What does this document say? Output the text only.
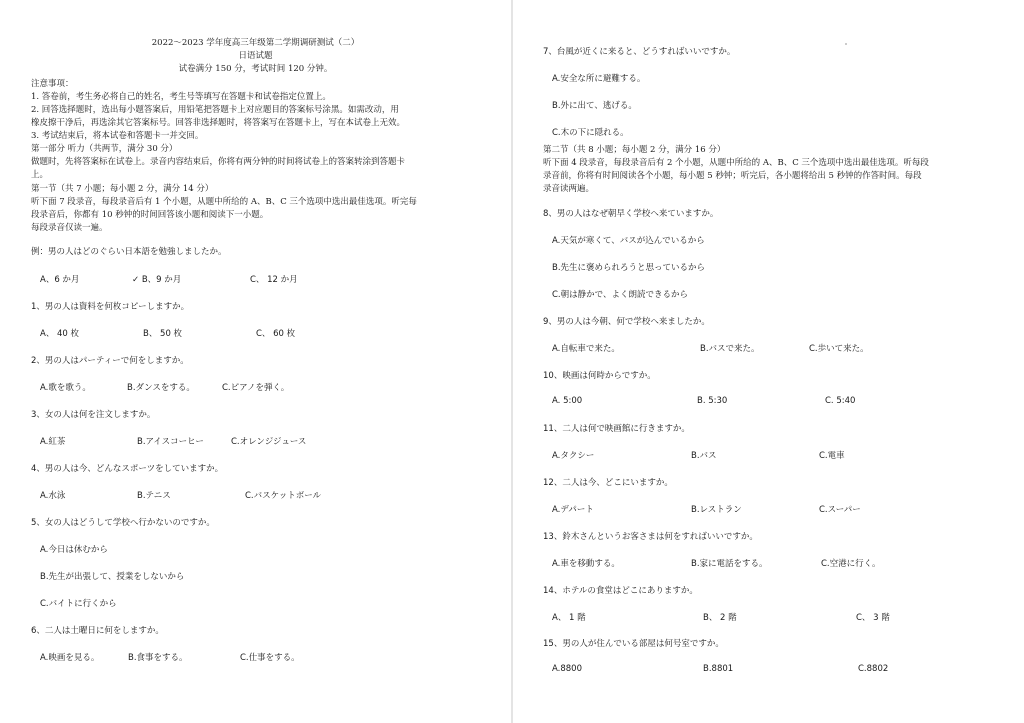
2022～2023 学年度高三年级第二学期调研测试（二）
日语试题
试卷满分 150 分，考试时间 120 分钟。
注意事项：
1. 答卷前，考生务必将自己的姓名，考生号等填写在答题卡和试卷指定位置上。
2. 回答选择题时，选出每小题答案后，用铅笔把答题卡上对应题目的答案标号涂黑。如需改动，用
橡皮擦干净后，再选涂其它答案标号。回答非选择题时，将答案写在答题卡上，写在本试卷上无效。
3. 考试结束后，将本试卷和答题卡一并交回。
第一部分 听力（共两节，满分 30 分）
做题时，先将答案标在试卷上。录音内容结束后，你将有两分钟的时间将试卷上的答案转涂到答题卡
上。
第一节（共 7 小题；每小题 2 分，满分 14 分）
听下面 7 段录音，每段录音后有 1 个小题，从题中所给的 A、B、C 三个选项中选出最佳选项。听完每
段录音后，你都有 10 秒钟的时间回答该小题和阅读下一小题。
每段录音仅读一遍。
例：男の人はどのぐらい日本語を勉強しましたか。
A、6 か月	✓ B、9 か月	C、 12 か月
1、男の人は資料を何枚コピーしますか。
A、 40 枚	B、 50 枚	C、 60 枚
2、男の人はパーティーで何をしますか。
A.歌を歌う。	B.ダンスをする。	C.ピアノを弾く。
3、女の人は何を注文しますか。
A.紅茶	B.アイスコーヒー	C.オレンジジュース
4、男の人は今、どんなスポーツをしていますか。
A.水泳	B.テニス	C.バスケットボール
5、女の人はどうして学校へ行かないのですか。
A.今日は休むから
B.先生が出張して、授業をしないから
C.バイトに行くから
6、二人は土曜日に何をしますか。
A.映画を見る。	B.食事をする。	C.仕事をする。
7、台風が近くに来ると、どうすればいいですか。
A.安全な所に避難する。
B.外に出て、逃げる。
C.木の下に隠れる。
第二节（共 8 小题；每小题 2 分，满分 16 分）
听下面 4 段录音，每段录音后有 2 个小题，从题中所给的 A、B、C 三个选项中选出最佳选项。听每段
录音前，你将有时间阅读各个小题，每小题 5 秒钟；听完后，各小题将给出 5 秒钟的作答时间。每段
录音读两遍。
8、男の人はなぜ朝早く学校へ来ていますか。
A.天気が寒くて、バスが込んでいるから
B.先生に褒められろうと思っているから
C.朝は静かで、よく朗読できるから
9、男の人は今朝、何で学校へ来ましたか。
A.自転車で来た。	B.バスで来た。	C.歩いて来た。
10、映画は何時からですか。
A. 5:00	B. 5:30	C. 5:40
11、二人は何で映画館に行きますか。
A.タクシー	B.バス	C.電車
12、二人は今、どこにいますか。
A.デパート	B.レストラン	C.スーパー
13、鈴木さんというお客さまは何をすればいいですか。
A.車を移動する。	B.家に電話をする。	C.空港に行く。
14、ホテルの食堂はどこにありますか。
A、 1 階	B、 2 階	C、 3 階
15、男の人が住んでいる部屋は何号室ですか。
A.8800	B.8801	C.8802
